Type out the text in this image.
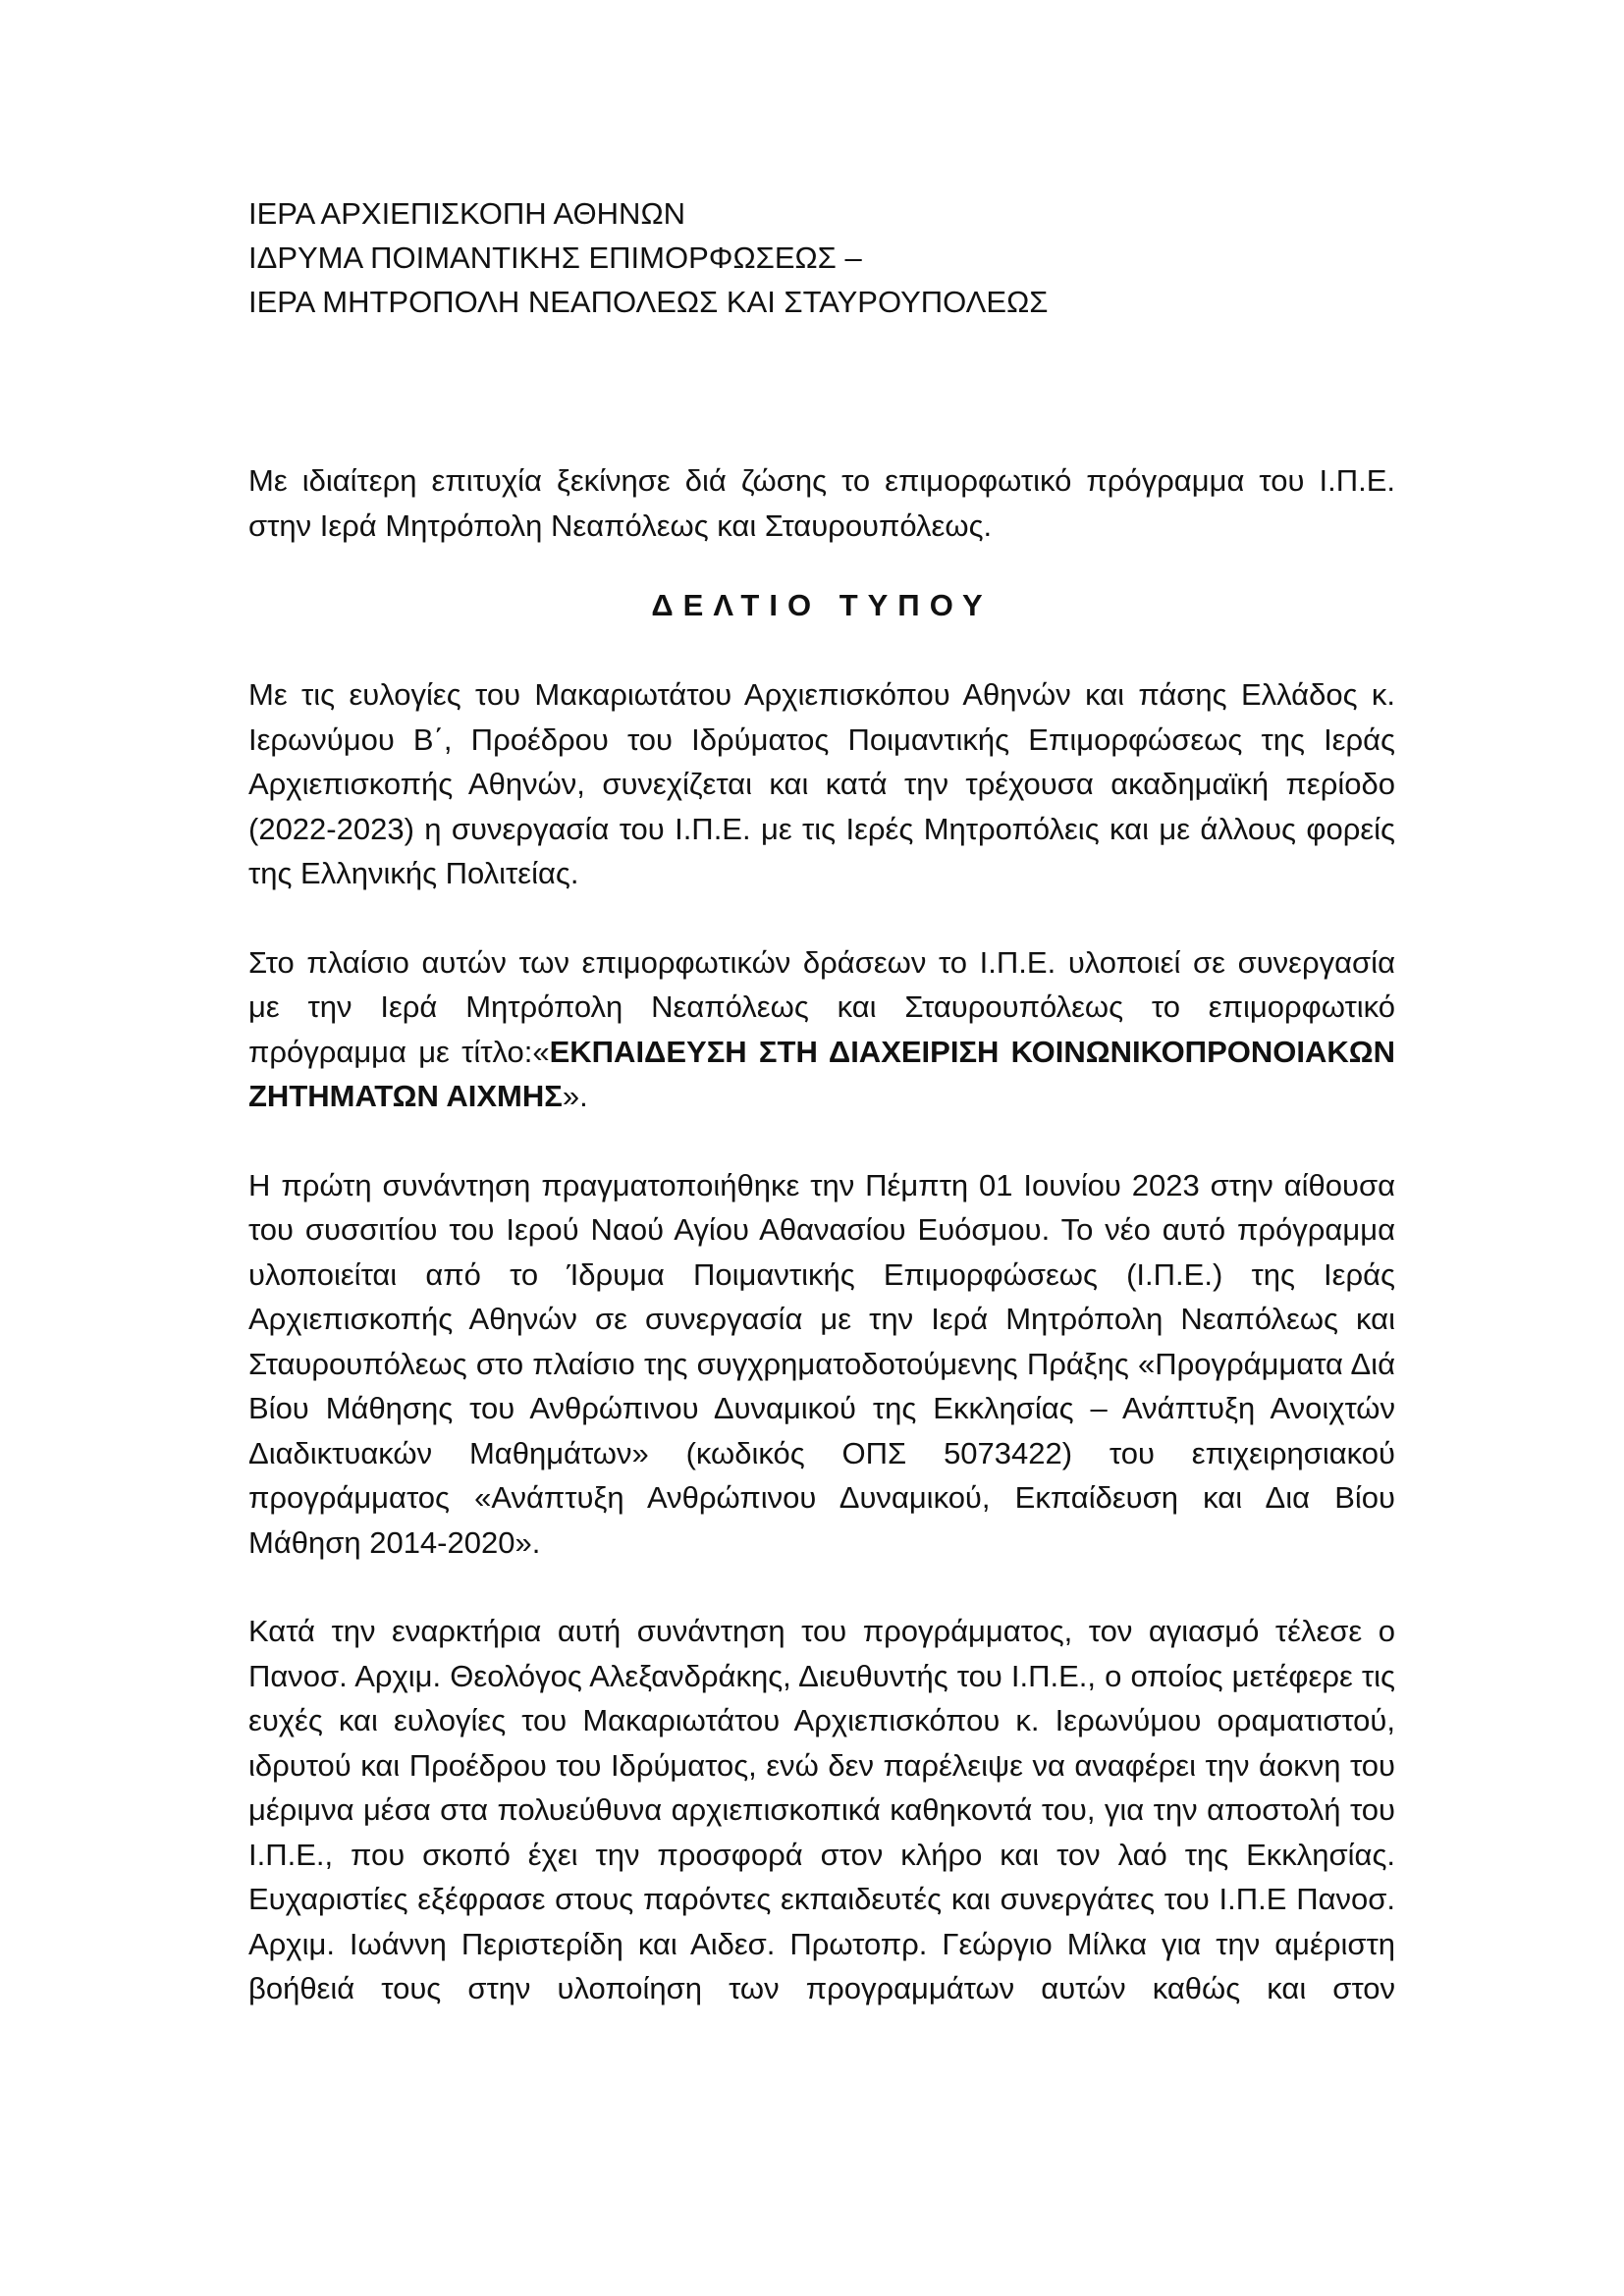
ΙΕΡΑ ΑΡΧΙΕΠΙΣΚΟΠΗ ΑΘΗΝΩΝ

ΙΔΡΥΜΑ ΠΟΙΜΑΝΤΙΚΗΣ ΕΠΙΜΟΡΦΩΣΕΩΣ –

ΙΕΡΑ ΜΗΤΡΟΠΟΛΗ ΝΕΑΠΟΛΕΩΣ ΚΑΙ ΣΤΑΥΡΟΥΠΟΛΕΩΣ

Με ιδιαίτερη επιτυχία ξεκίνησε διά ζώσης το επιμορφωτικό πρόγραμμα του Ι.Π.Ε. στην Ιερά Μητρόπολη Νεαπόλεως και Σταυρουπόλεως.

ΔΕΛΤΙΟ ΤΥΠΟΥ

Με τις ευλογίες του Μακαριωτάτου Αρχιεπισκόπου Αθηνών και πάσης Ελλάδος κ. Ιερωνύμου Β΄, Προέδρου του Ιδρύματος Ποιμαντικής Επιμορφώσεως της Ιεράς Αρχιεπισκοπής Αθηνών, συνεχίζεται και κατά την τρέχουσα ακαδημαϊκή περίοδο (2022-2023) η συνεργασία του Ι.Π.Ε. με τις Ιερές Μητροπόλεις και με άλλους φορείς της Ελληνικής Πολιτείας.

Στο πλαίσιο αυτών των επιμορφωτικών δράσεων το Ι.Π.Ε. υλοποιεί σε συνεργασία με την Ιερά Μητρόπολη Νεαπόλεως και Σταυρουπόλεως το επιμορφωτικό πρόγραμμα με τίτλο:«ΕΚΠΑΙΔΕΥΣΗ ΣΤΗ ΔΙΑΧΕΙΡΙΣΗ ΚΟΙΝΩΝΙΚΟΠΡΟΝΟΙΑΚΩΝ ΖΗΤΗΜΑΤΩΝ ΑΙΧΜΗΣ».

Η πρώτη συνάντηση πραγματοποιήθηκε την Πέμπτη 01 Ιουνίου 2023 στην αίθουσα του συσσιτίου του Ιερού Ναού Αγίου Αθανασίου Ευόσμου. Το νέο αυτό πρόγραμμα υλοποιείται από το Ίδρυμα Ποιμαντικής Επιμορφώσεως (Ι.Π.Ε.) της Ιεράς Αρχιεπισκοπής Αθηνών σε συνεργασία με την Ιερά Μητρόπολη Νεαπόλεως και Σταυρουπόλεως στο πλαίσιο της συγχρηματοδοτούμενης Πράξης «Προγράμματα Διά Βίου Μάθησης του Ανθρώπινου Δυναμικού της Εκκλησίας – Ανάπτυξη Ανοιχτών Διαδικτυακών Μαθημάτων» (κωδικός ΟΠΣ 5073422) του επιχειρησιακού προγράμματος «Ανάπτυξη Ανθρώπινου Δυναμικού, Εκπαίδευση και Δια Βίου Μάθηση 2014-2020».

Κατά την εναρκτήρια αυτή συνάντηση του προγράμματος, τον αγιασμό τέλεσε ο Πανοσ. Αρχιμ. Θεολόγος Αλεξανδράκης, Διευθυντής του Ι.Π.Ε., ο οποίος μετέφερε τις ευχές και ευλογίες του Μακαριωτάτου Αρχιεπισκόπου κ. Ιερωνύμου οραματιστού, ιδρυτού και Προέδρου του Ιδρύματος, ενώ δεν παρέλειψε να αναφέρει την άοκνη του μέριμνα μέσα στα πολυεύθυνα αρχιεπισκοπικά καθηκοντά του, για την αποστολή του Ι.Π.Ε., που σκοπό έχει την προσφορά στον κλήρο και τον λαό της Εκκλησίας. Ευχαριστίες εξέφρασε στους παρόντες εκπαιδευτές και συνεργάτες του Ι.Π.Ε Πανοσ. Αρχιμ. Ιωάννη Περιστερίδη και Αιδεσ. Πρωτοπρ. Γεώργιο Μίλκα για την αμέριστη βοήθειά τους στην υλοποίηση των προγραμμάτων αυτών καθώς και στον
